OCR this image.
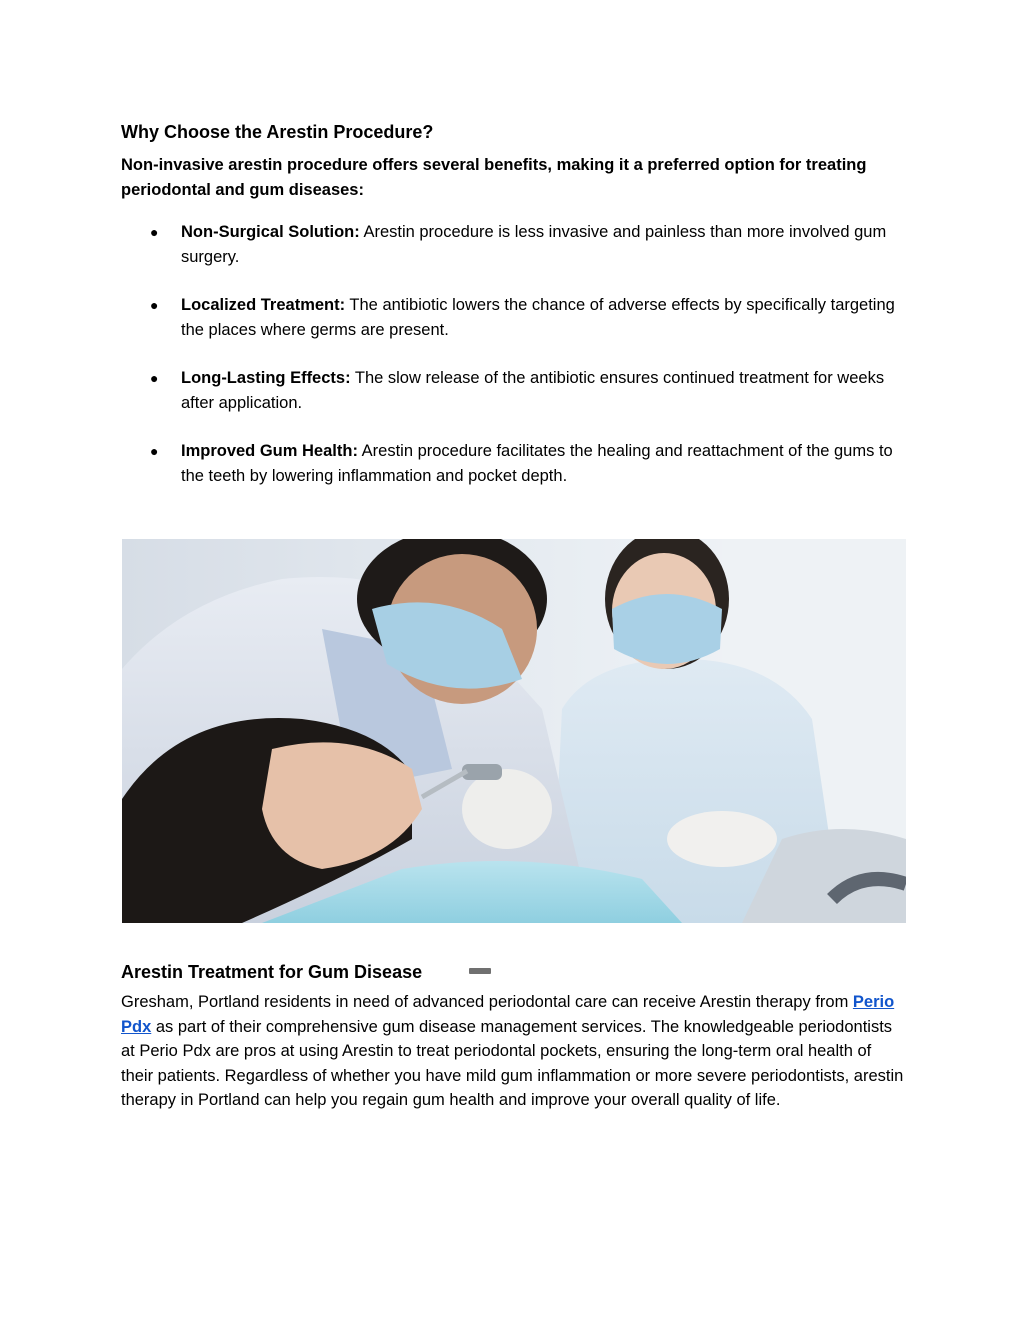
Why Choose the Arestin Procedure?

Non-invasive arestin procedure offers several benefits, making it a preferred option for treating periodontal and gum diseases:

● Non-Surgical Solution: Arestin procedure is less invasive and painless than more involved gum surgery.

● Localized Treatment: The antibiotic lowers the chance of adverse effects by specifically targeting the places where germs are present.

● Long-Lasting Effects: The slow release of the antibiotic ensures continued treatment for weeks after application.

● Improved Gum Health: Arestin procedure facilitates the healing and reattachment of the gums to the teeth by lowering inflammation and pocket depth.

Arestin Treatment for Gum Disease

Gresham, Portland residents in need of advanced periodontal care can receive Arestin therapy from Perio Pdx as part of their comprehensive gum disease management services. The knowledgeable periodontists at Perio Pdx are pros at using Arestin to treat periodontal pockets, ensuring the long-term oral health of their patients. Regardless of whether you have mild gum inflammation or more severe periodontists, arestin therapy in Portland can help you regain gum health and improve your overall quality of life.
